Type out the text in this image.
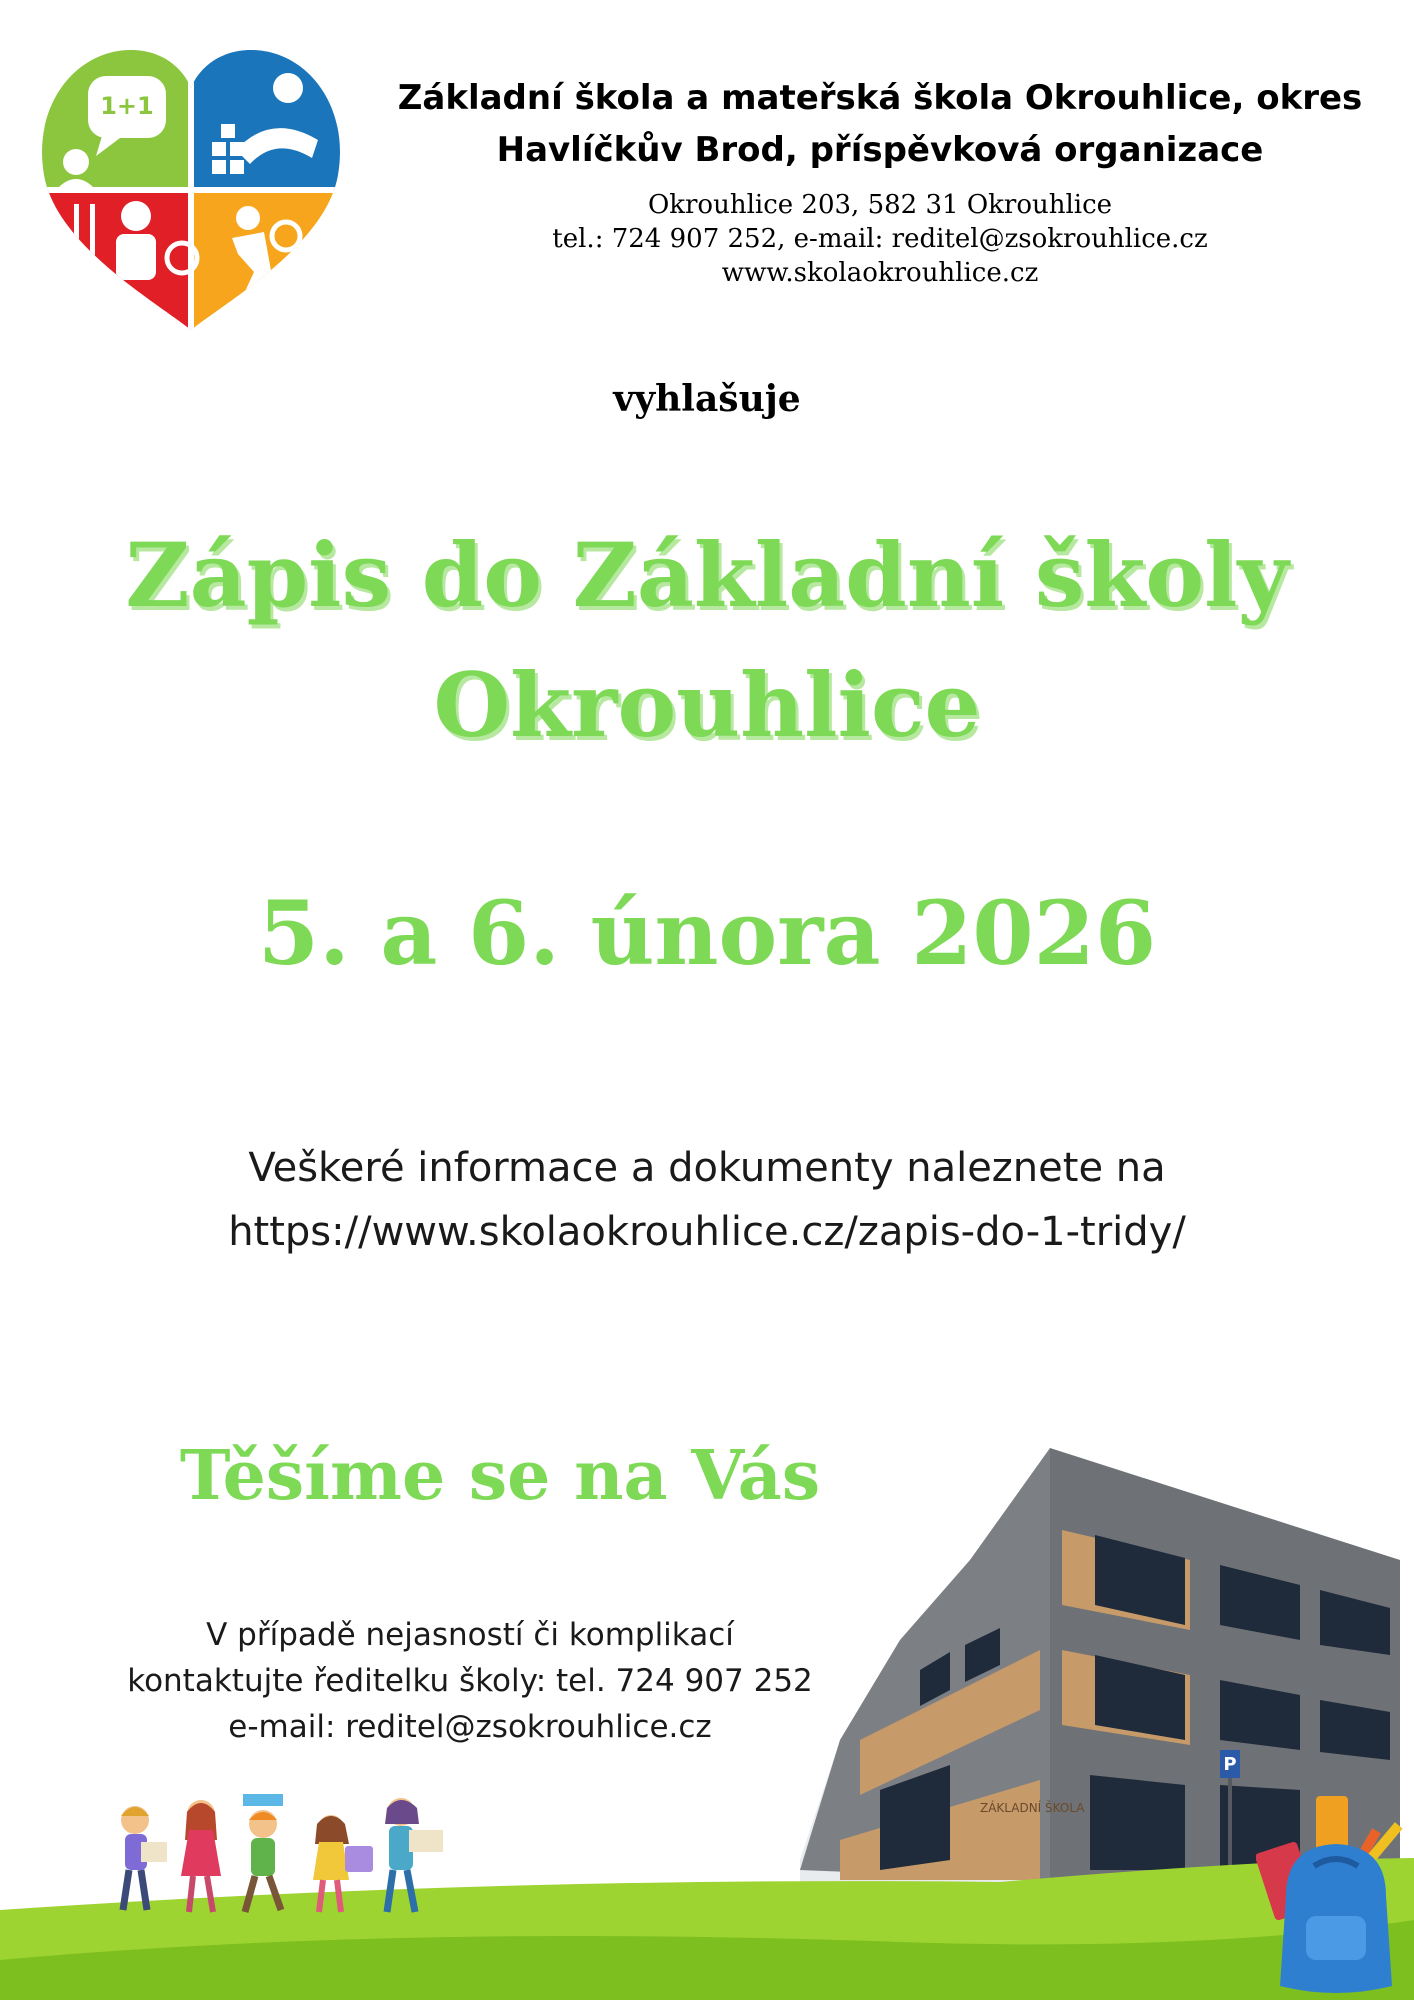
1+1	Základní škola a mateřská škola Okrouhlice, okres
Havlíčkův Brod, příspěvková organizace
Okrouhlice 203, 582 31 Okrouhlice
tel.: 724 907 252, e-mail: reditel@zsokrouhlice.cz
www.skolaokrouhlice.cz
vyhlašuje
Zápis do Základní školy
Okrouhlice
5. a 6. února 2026
Veškeré informace a dokumenty naleznete na
https://www.skolaokrouhlice.cz/zapis-do-1-tridy/
Těšíme se na Vás
V případě nejasností či komplikací
kontaktujte ředitelku školy: tel. 724 907 252
e-mail: reditel@zsokrouhlice.cz
P
ZÁKLADNÍ ŠKOLA
